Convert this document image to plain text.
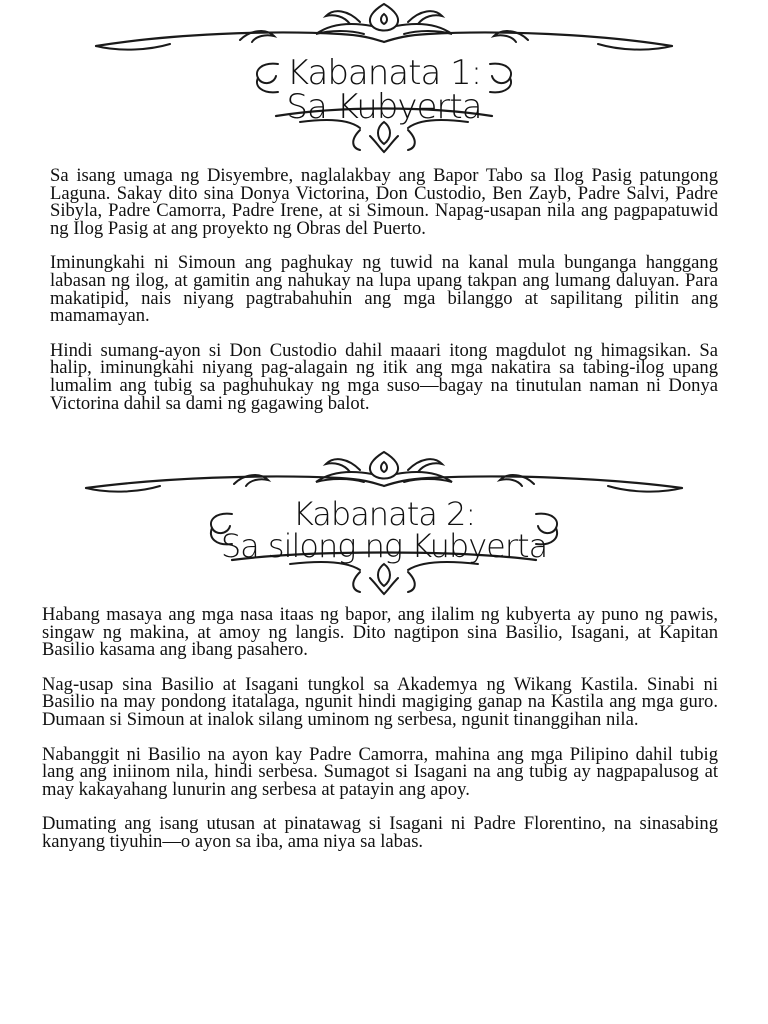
Kabanata 1:
Sa Kubyerta

Sa isang umaga ng Disyembre, naglalakbay ang Bapor Tabo sa Ilog Pasig patungong Laguna. Sakay dito sina Donya Victorina, Don Custodio, Ben Zayb, Padre Salvi, Padre Sibyla, Padre Camorra, Padre Irene, at si Simoun. Napag-usapan nila ang pagpapatuwid ng Ilog Pasig at ang proyekto ng Obras del Puerto.

Iminungkahi ni Simoun ang paghukay ng tuwid na kanal mula bunganga hanggang labasan ng ilog, at gamitin ang nahukay na lupa upang takpan ang lumang daluyan. Para makatipid, nais niyang pagtrabahuhin ang mga bilanggo at sapilitang pilitin ang mamamayan.

Hindi sumang-ayon si Don Custodio dahil maaari itong magdulot ng himagsikan. Sa halip, iminungkahi niyang pag-alagain ng itik ang mga nakatira sa tabing-ilog upang lumalim ang tubig sa paghuhukay ng mga suso—bagay na tinutulan naman ni Donya Victorina dahil sa dami ng gagawing balot.

Kabanata 2:
Sa silong ng Kubyerta

Habang masaya ang mga nasa itaas ng bapor, ang ilalim ng kubyerta ay puno ng pawis, singaw ng makina, at amoy ng langis. Dito nagtipon sina Basilio, Isagani, at Kapitan Basilio kasama ang ibang pasahero.

Nag-usap sina Basilio at Isagani tungkol sa Akademya ng Wikang Kastila. Sinabi ni Basilio na may pondong itatalaga, ngunit hindi magiging ganap na Kastila ang mga guro. Dumaan si Simoun at inalok silang uminom ng serbesa, ngunit tinanggihan nila.

Nabanggit ni Basilio na ayon kay Padre Camorra, mahina ang mga Pilipino dahil tubig lang ang iniinom nila, hindi serbesa. Sumagot si Isagani na ang tubig ay nagpapalusog at may kakayahang lunurin ang serbesa at patayin ang apoy.

Dumating ang isang utusan at pinatawag si Isagani ni Padre Florentino, na sinasabing kanyang tiyuhin—o ayon sa iba, ama niya sa labas.
